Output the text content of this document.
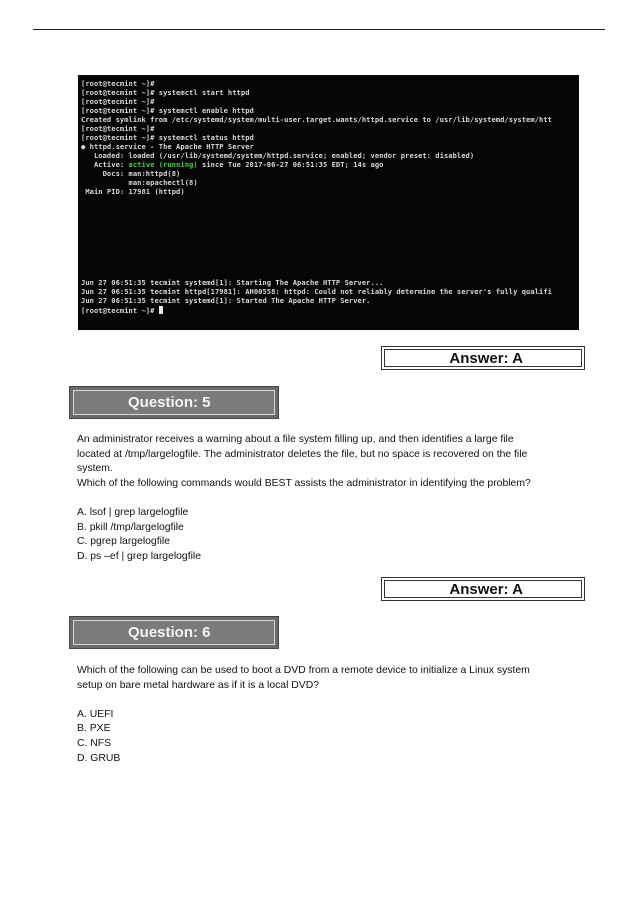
[root@tecmint ~]#
[root@tecmint ~]# systemctl start httpd
[root@tecmint ~]#
[root@tecmint ~]# systemctl enable httpd
Created symlink from /etc/systemd/system/multi-user.target.wants/httpd.service to /usr/lib/systemd/system/htt
[root@tecmint ~]#
[root@tecmint ~]# systemctl status httpd
● httpd.service - The Apache HTTP Server
Loaded: loaded (/usr/lib/systemd/system/httpd.service; enabled; vendor preset: disabled)
Active: active (running) since Tue 2017-06-27 06:51:35 EDT; 14s ago
Docs: man:httpd(8)
man:apachectl(8)
Main PID: 17981 (httpd)
Jun 27 06:51:35 tecmint systemd[1]: Starting The Apache HTTP Server...
Jun 27 06:51:35 tecmint httpd[17981]: AH00558: httpd: Could not reliably determine the server's fully qualifi
Jun 27 06:51:35 tecmint systemd[1]: Started The Apache HTTP Server.
[root@tecmint ~]#
Answer: A
Question: 5

An administrator receives a warning about a file system filling up, and then identifies a large file

located at /tmp/largelogfile. The administrator deletes the file, but no space is recovered on the file

system.

Which of the following commands would BEST assists the administrator in identifying the problem?

A. lsof | grep largelogfile

B. pkill /tmp/largelogfile

C. pgrep largelogfile

D. ps –ef | grep largelogfile

Answer: A
Question: 6

Which of the following can be used to boot a DVD from a remote device to initialize a Linux system

setup on bare metal hardware as if it is a local DVD?

A. UEFI

B. PXE

C. NFS

D. GRUB
